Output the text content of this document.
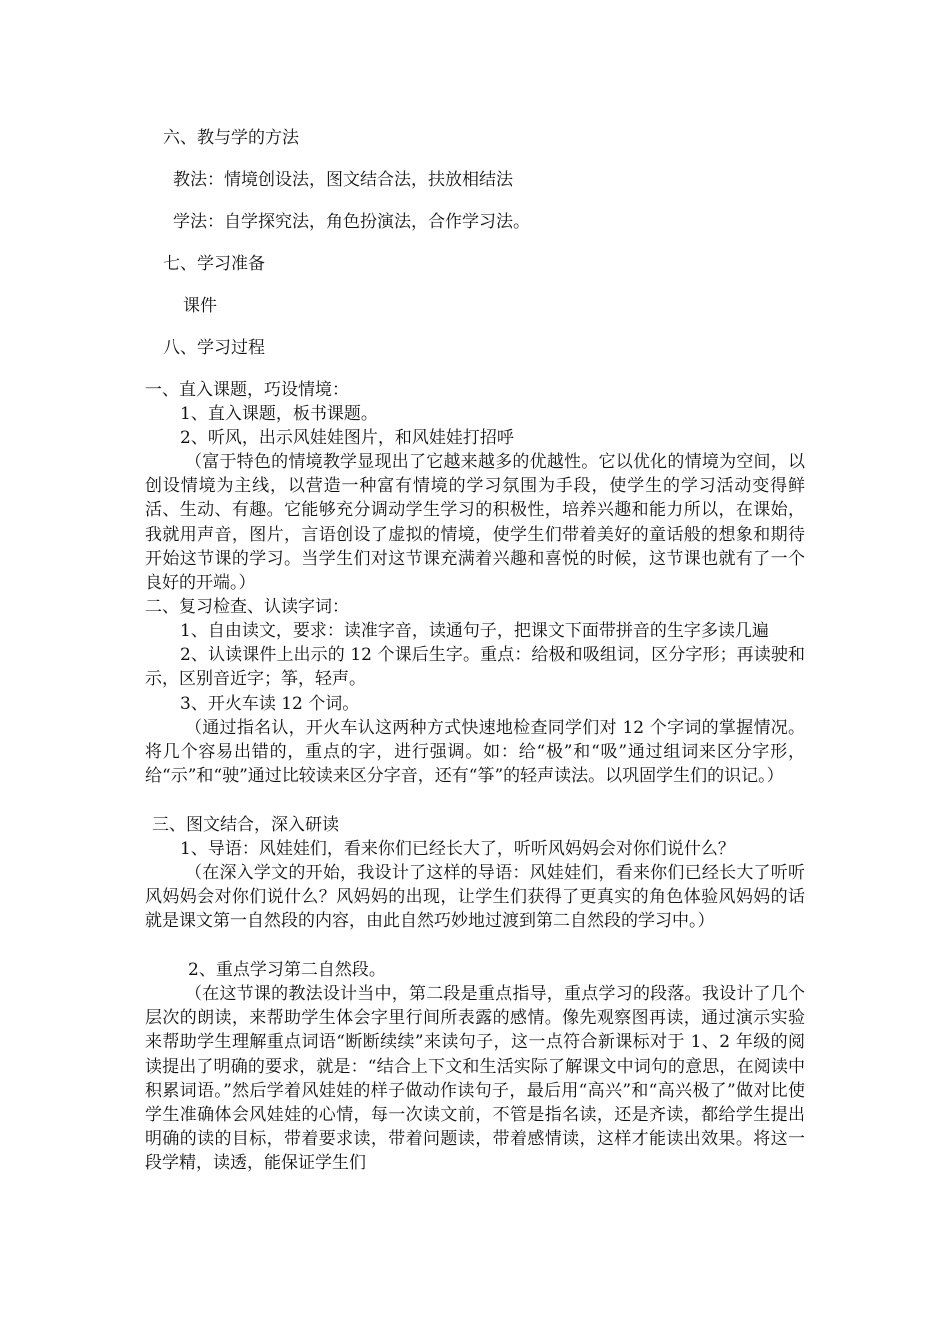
六、教与学的方法
教法：情境创设法，图文结合法，扶放相结法
学法：自学探究法，角色扮演法，合作学习法。
七、学习准备
课件
八、学习过程
一、直入课题，巧设情境：
1、直入课题，板书课题。
2、听风，出示风娃娃图片，和风娃娃打招呼

（富于特色的情境教学显现出了它越来越多的优越性。它以优化的情境为空间，以创设情境为主线，以营造一种富有情境的学习氛围为手段，使学生的学习活动变得鲜活、生动、有趣。它能够充分调动学生学习的积极性，培养兴趣和能力所以，在课始，我就用声音，图片，言语创设了虚拟的情境，使学生们带着美好的童话般的想象和期待开始这节课的学习。当学生们对这节课充满着兴趣和喜悦的时候，这节课也就有了一个良好的开端。）

二、复习检查、认读字词：
1、自由读文，要求：读准字音，读通句子，把课文下面带拼音的生字多读几遍

2、认读课件上出示的 12 个课后生字。重点：给极和吸组词，区分字形；再读驶和示，区别音近字；筝，轻声。

3、开火车读 12 个词。

（通过指名认，开火车认这两种方式快速地检查同学们对 12 个字词的掌握情况。将几个容易出错的，重点的字，进行强调。如：给“极”和“吸”通过组词来区分字形，给“示”和“驶”通过比较读来区分字音，还有“筝”的轻声读法。以巩固学生们的识记。）

三、图文结合，深入研读
1、导语：风娃娃们，看来你们已经长大了，听听风妈妈会对你们说什么？

（在深入学文的开始，我设计了这样的导语：风娃娃们，看来你们已经长大了听听风妈妈会对你们说什么？风妈妈的出现，让学生们获得了更真实的角色体验风妈妈的话就是课文第一自然段的内容，由此自然巧妙地过渡到第二自然段的学习中。）

2、重点学习第二自然段。

（在这节课的教法设计当中，第二段是重点指导，重点学习的段落。我设计了几个层次的朗读，来帮助学生体会字里行间所表露的感情。像先观察图再读，通过演示实验来帮助学生理解重点词语“断断续续”来读句子，这一点符合新课标对于 1、2 年级的阅读提出了明确的要求，就是：“结合上下文和生活实际了解课文中词句的意思，在阅读中积累词语。”然后学着风娃娃的样子做动作读句子，最后用“高兴”和“高兴极了”做对比使学生准确体会风娃娃的心情，每一次读文前，不管是指名读，还是齐读，都给学生提出明确的读的目标，带着要求读，带着问题读，带着感情读，这样才能读出效果。将这一段学精，读透，能保证学生们
